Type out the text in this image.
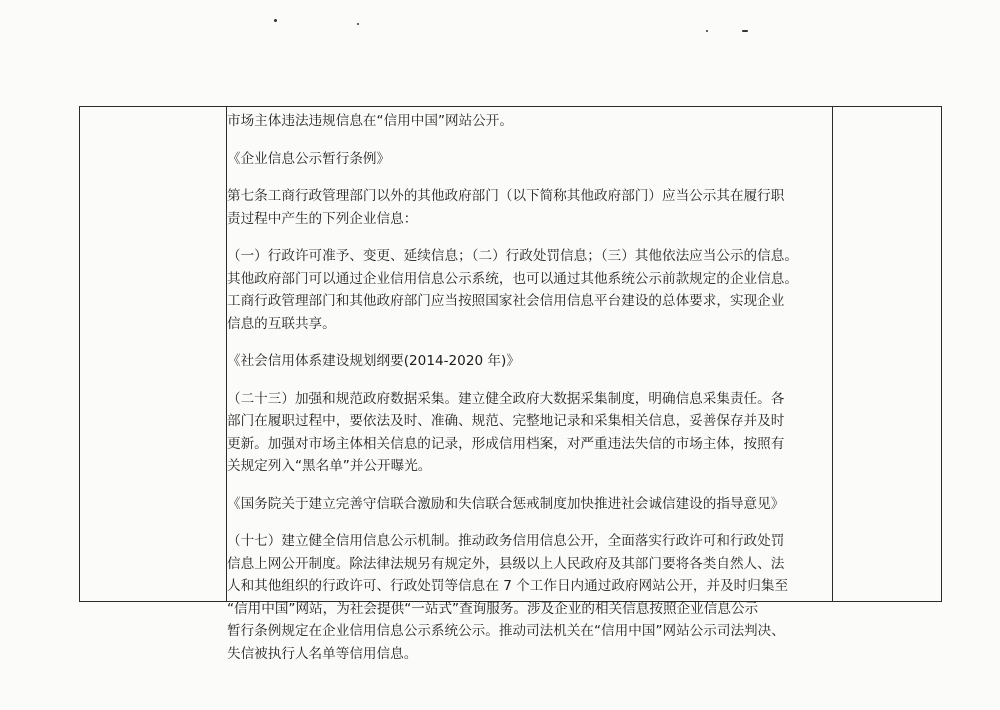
市场主体违法违规信息在“信用中国”网站公开。

《企业信息公示暂行条例》

第七条工商行政管理部门以外的其他政府部门（以下简称其他政府部门）应当公示其在履行职

责过程中产生的下列企业信息：

（一）行政许可准予、变更、延续信息；（二）行政处罚信息；（三）其他依法应当公示的信息。

其他政府部门可以通过企业信用信息公示系统，也可以通过其他系统公示前款规定的企业信息。

工商行政管理部门和其他政府部门应当按照国家社会信用信息平台建设的总体要求，实现企业

信息的互联共享。

《社会信用体系建设规划纲要(2014-2020 年)》

（二十三）加强和规范政府数据采集。建立健全政府大数据采集制度，明确信息采集责任。各

部门在履职过程中，要依法及时、准确、规范、完整地记录和采集相关信息，妥善保存并及时

更新。加强对市场主体相关信息的记录，形成信用档案，对严重违法失信的市场主体，按照有

关规定列入“黑名单”并公开曝光。

《国务院关于建立完善守信联合激励和失信联合惩戒制度加快推进社会诚信建设的指导意见》

（十七）建立健全信用信息公示机制。推动政务信用信息公开，全面落实行政许可和行政处罚

信息上网公开制度。除法律法规另有规定外，县级以上人民政府及其部门要将各类自然人、法

人和其他组织的行政许可、行政处罚等信息在 7 个工作日内通过政府网站公开，并及时归集至

“信用中国”网站，为社会提供“一站式”查询服务。涉及企业的相关信息按照企业信息公示

暂行条例规定在企业信用信息公示系统公示。推动司法机关在“信用中国”网站公示司法判决、

失信被执行人名单等信用信息。
